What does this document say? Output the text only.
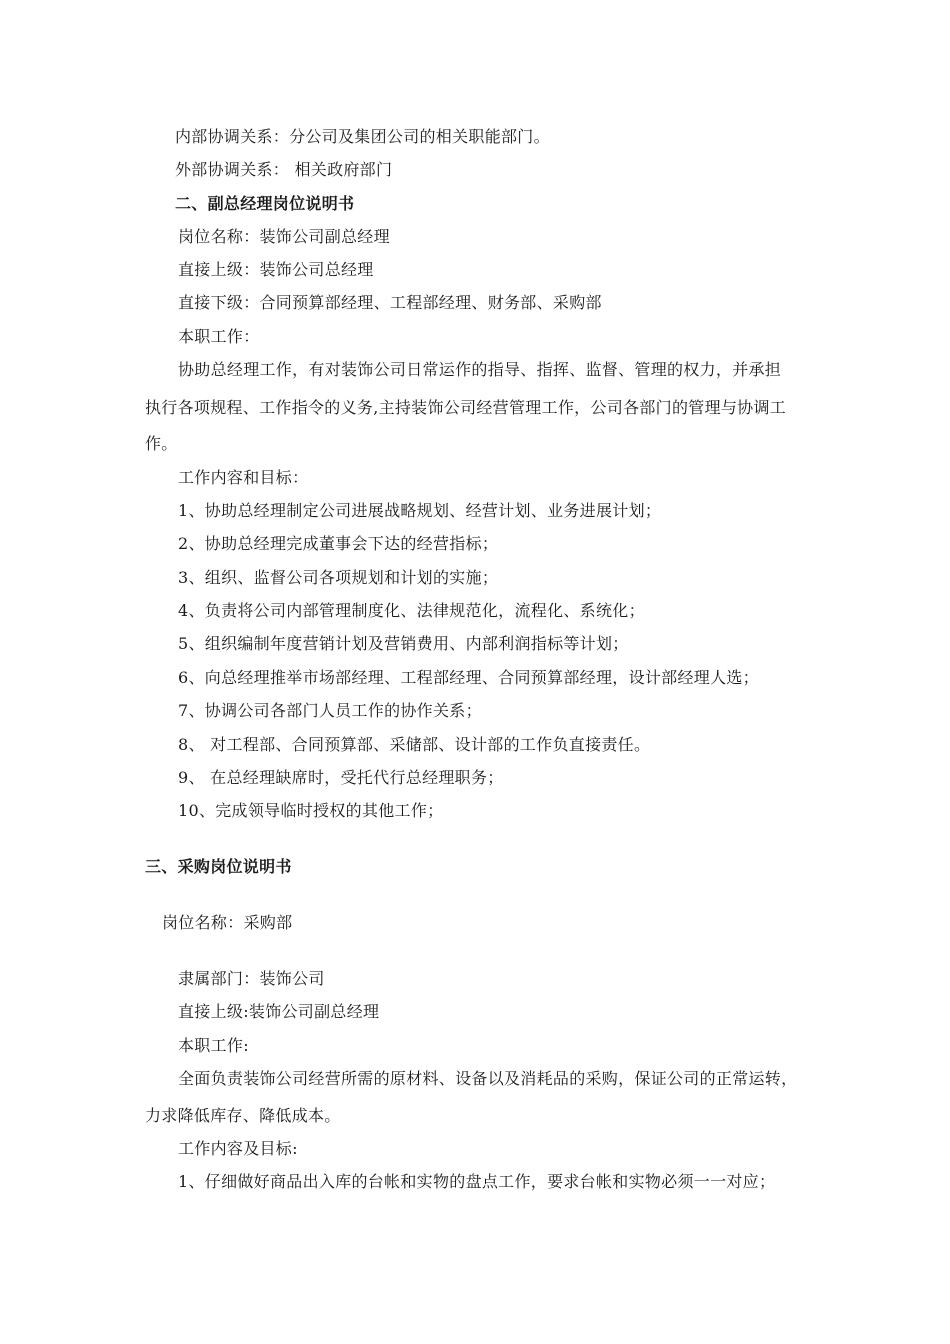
内部协调关系：分公司及集团公司的相关职能部门。
外部协调关系： 相关政府部门
二、副总经理岗位说明书
岗位名称：装饰公司副总经理
直接上级：装饰公司总经理
直接下级：合同预算部经理、工程部经理、财务部、采购部
本职工作：
协助总经理工作，有对装饰公司日常运作的指导、指挥、监督、管理的权力，并承担
执行各项规程、工作指令的义务,主持装饰公司经营管理工作，公司各部门的管理与协调工
作。
工作内容和目标：
1、协助总经理制定公司进展战略规划、经营计划、业务进展计划；
2、协助总经理完成董事会下达的经营指标；
3、组织、监督公司各项规划和计划的实施；
4、负责将公司内部管理制度化、法律规范化，流程化、系统化；
5、组织编制年度营销计划及营销费用、内部利润指标等计划；
6、向总经理推举市场部经理、工程部经理、合同预算部经理，设计部经理人选；
7、协调公司各部门人员工作的协作关系；
8、 对工程部、合同预算部、采储部、设计部的工作负直接责任。
9、 在总经理缺席时，受托代行总经理职务；
10、完成领导临时授权的其他工作；
三、采购岗位说明书
岗位名称：采购部
隶属部门：装饰公司
直接上级:装饰公司副总经理
本职工作:
全面负责装饰公司经营所需的原材料、设备以及消耗品的采购，保证公司的正常运转，
力求降低库存、降低成本。
工作内容及目标:
1、仔细做好商品出入库的台帐和实物的盘点工作，要求台帐和实物必须一一对应；
